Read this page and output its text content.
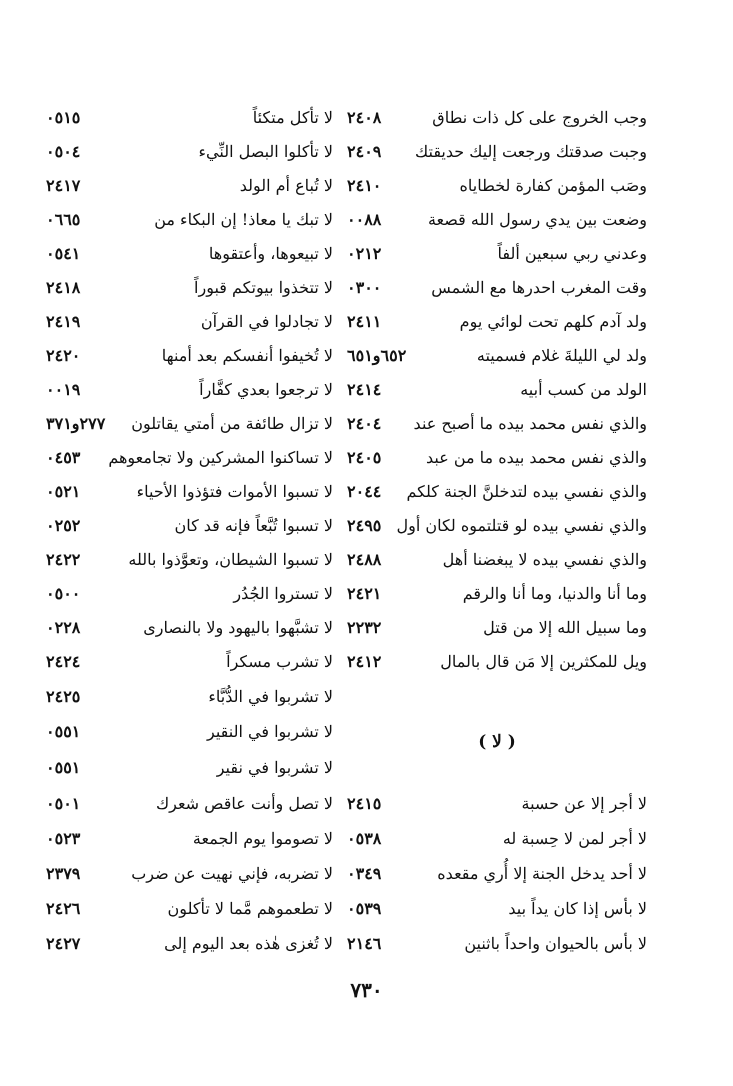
وجب الخروج على كل ذات نطاق
٢٤٠٨
وجبت صدقتك ورجعت إليك حديقتك
٢٤٠٩
وصَب المؤمن كفارة لخطاياه
٢٤١٠
وضعت بين يدي رسول الله قصعة
٠٠٨٨
وعدني ربي سبعين ألفاً
٠٢١٢
وقت المغرب احدرها مع الشمس
٠٣٠٠
ولد آدم كلهم تحت لوائي يوم
٢٤١١
ولد لي الليلةَ غلام فسميته
٦٥٢و٦٥١
الولد من كسب أبيه
٢٤١٤
والذي نفس محمد بيده ما أصبح عند
٢٤٠٤
والذي نفس محمد بيده ما من عبد
٢٤٠٥
والذي نفسي بيده لتدخلنَّ الجنة كلكم
٢٠٤٤
والذي نفسي بيده لو قتلتموه لكان أول
٢٤٩٥
والذي نفسي بيده لا يبغضنا أهل
٢٤٨٨
وما أنا والدنيا، وما أنا والرقم
٢٤٢١
وما سبيل الله إلا من قتل
٢٢٣٢
ويل للمكثرين إلا مَن قال بالمال
٢٤١٢
( لا )
لا أجر إلا عن حسبة
٢٤١٥
لا أجر لمن لا حِسبة له
٠٥٣٨
لا أحد يدخل الجنة إلا أُري مقعده
٠٣٤٩
لا بأس إذا كان يداً بيد
٠٥٣٩
لا بأس بالحيوان واحداً باثنين
٢١٤٦
لا تأكل متكئاً
٠٥١٥
لا تأكلوا البصل النِّيء
٠٥٠٤
لا تُباع أم الولد
٢٤١٧
لا تبك يا معاذ! إن البكاء من
٠٦٦٥
لا تبيعوها، وأعتقوها
٠٥٤١
لا تتخذوا بيوتكم قبوراً
٢٤١٨
لا تجادلوا في القرآن
٢٤١٩
لا تُخيفوا أنفسكم بعد أمنها
٢٤٢٠
لا ترجعوا بعدي كفَّاراً
٠٠١٩
لا تزال طائفة من أمتي يقاتلون
٢٧٧و٣٧١
لا تساكنوا المشركين ولا تجامعوهم
٠٤٥٣
لا تسبوا الأموات فتؤذوا الأحياء
٠٥٢١
لا تسبوا تُبَّعاً فإنه قد كان
٠٢٥٢
لا تسبوا الشيطان، وتعوَّذوا بالله
٢٤٢٢
لا تستروا الجُدُر
٠٥٠٠
لا تشبَّهوا باليهود ولا بالنصارى
٠٢٢٨
لا تشرب مسكراً
٢٤٢٤
لا تشربوا في الدُّبَّاء
٢٤٢٥
لا تشربوا في النقير
٠٥٥١
لا تشربوا في نقير
٠٥٥١
لا تصل وأنت عاقص شعرك
٠٥٠١
لا تصوموا يوم الجمعة
٠٥٢٣
لا تضربه، فإني نهيت عن ضرب
٢٣٧٩
لا تطعموهم مَّما لا تأكلون
٢٤٢٦
لا تُغزى هٰذه بعد اليوم إلى
٢٤٢٧
٧٣٠
